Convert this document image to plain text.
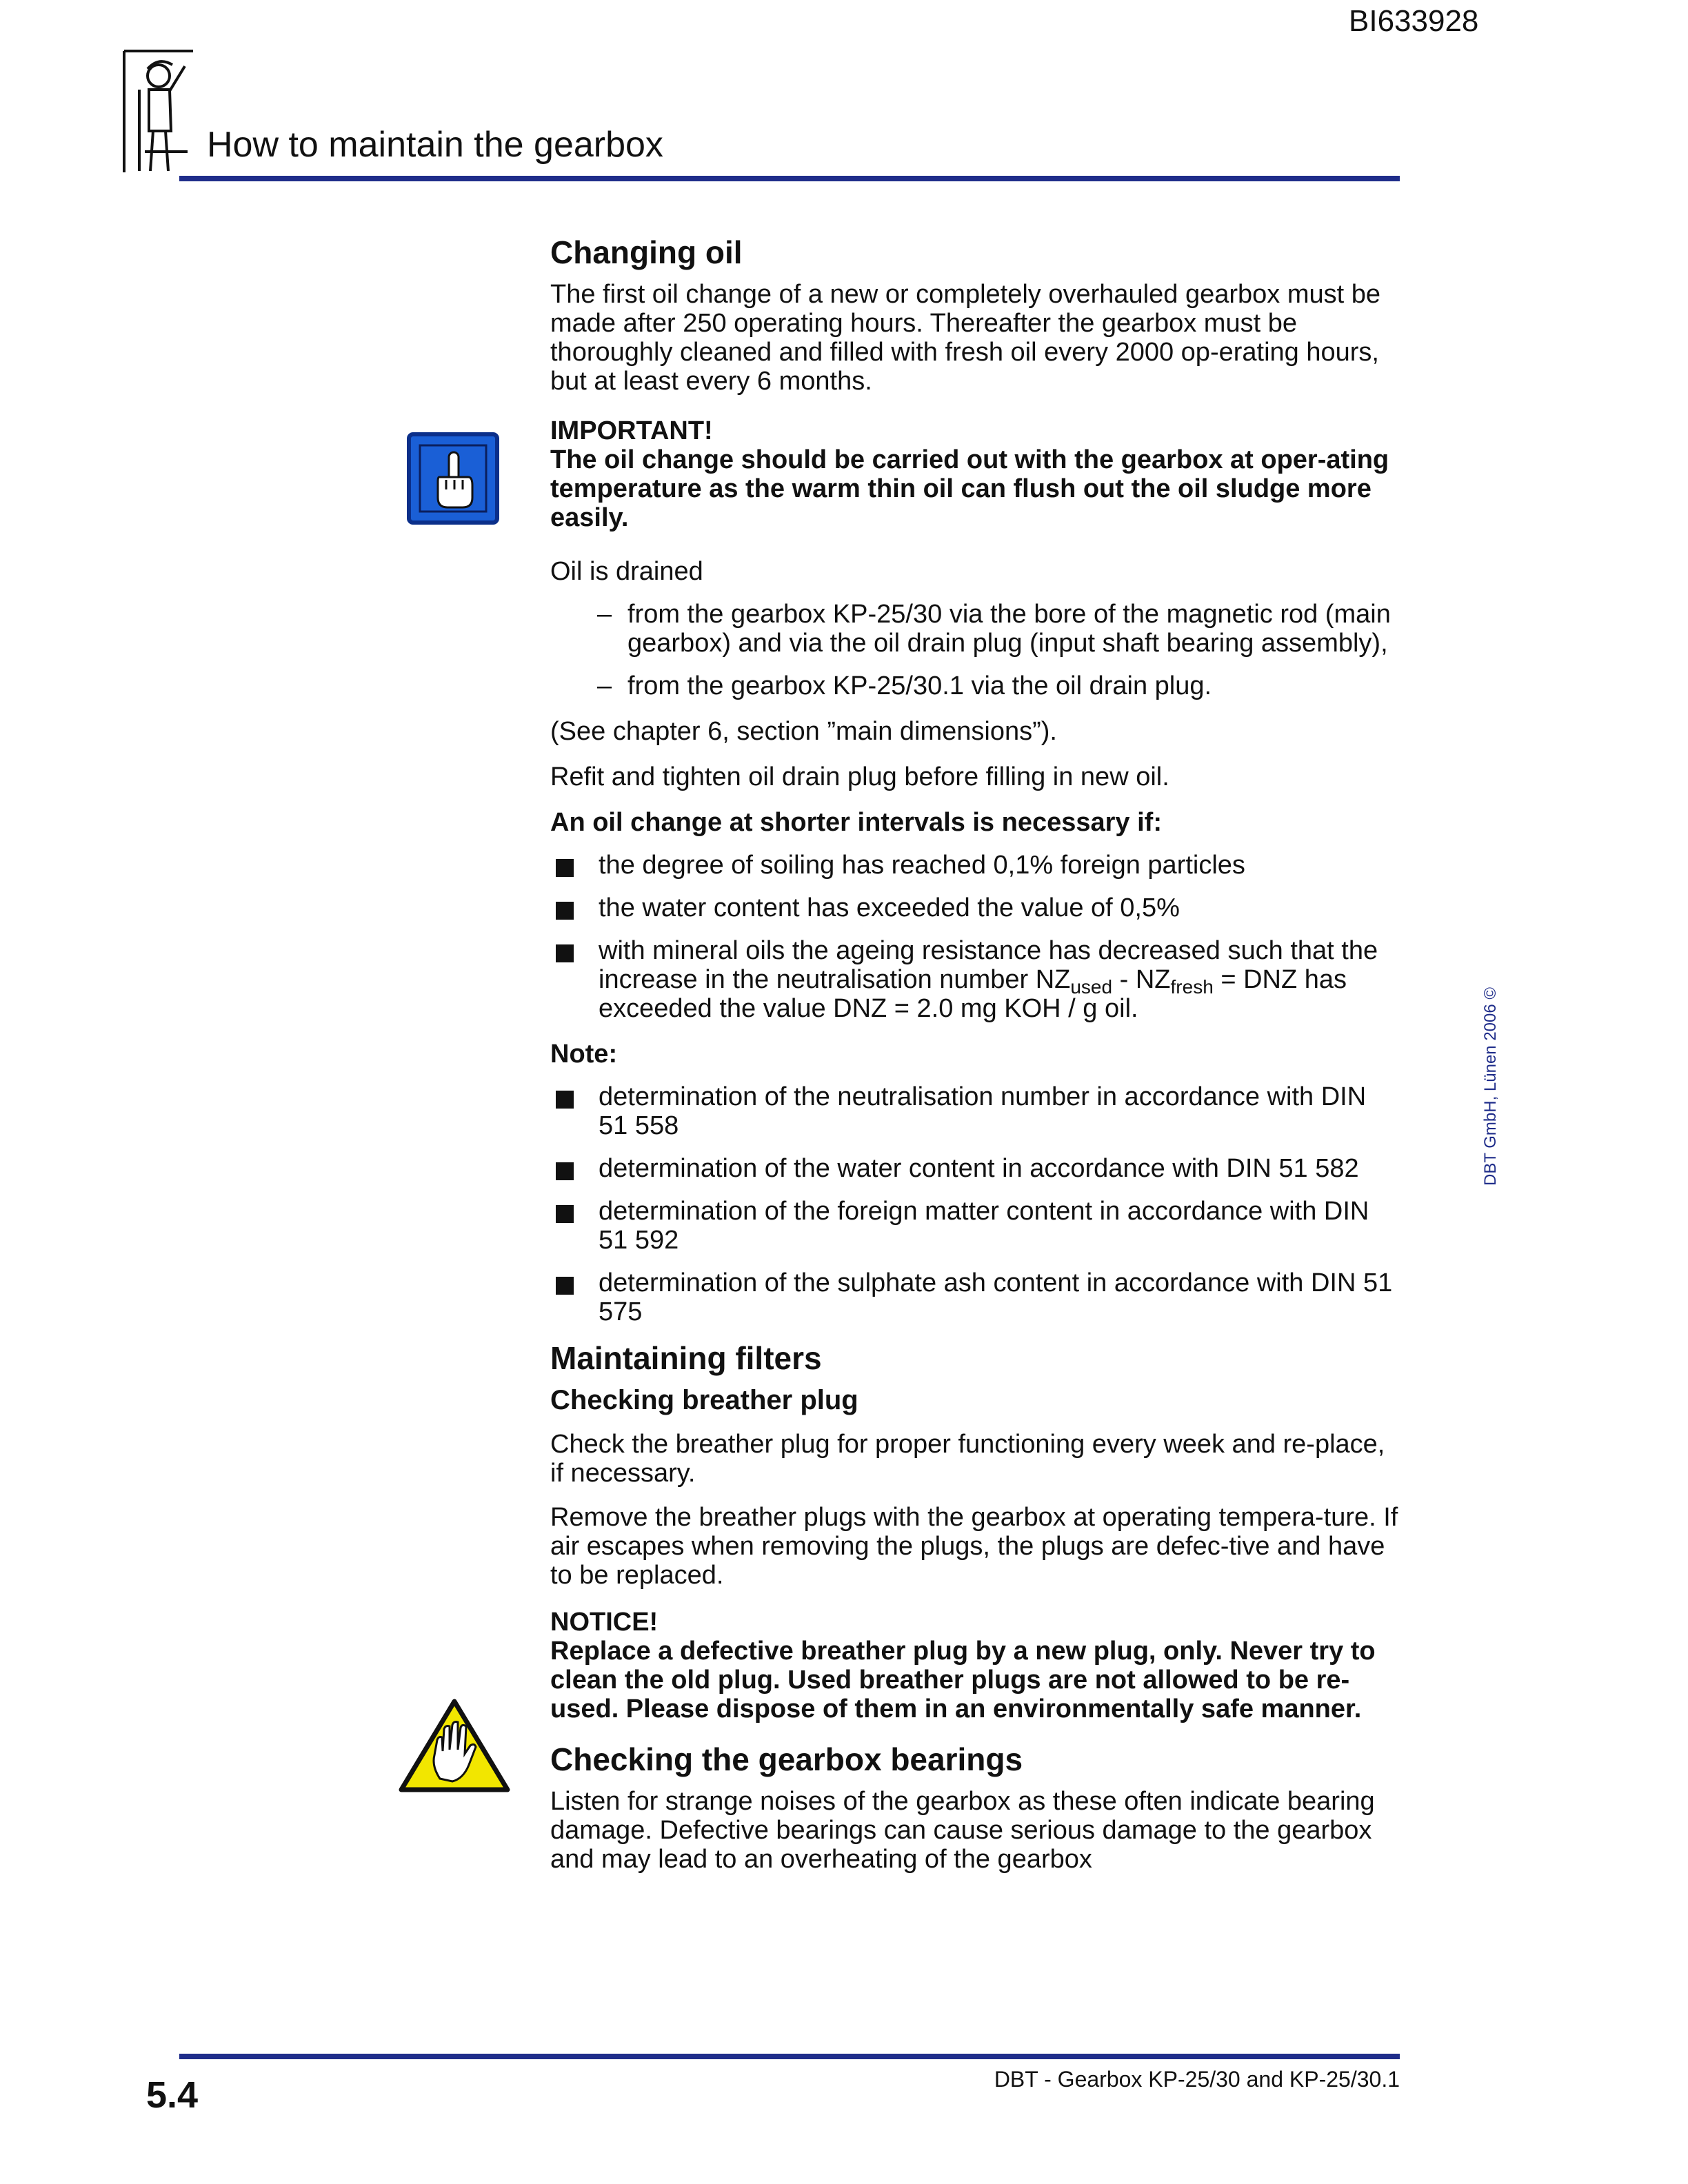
BI633928
How to maintain the gearbox
Changing oil

The first oil change of a new or completely overhauled gearbox must be made after 250 operating hours. Thereafter the gearbox must be thoroughly cleaned and filled with fresh oil every 2000 op-erating hours, but at least every 6 months.

IMPORTANT!

The oil change should be carried out with the gearbox at oper-ating temperature as the warm thin oil can flush out the oil sludge more easily.

Oil is drained

– from the gearbox KP-25/30 via the bore of the magnetic rod (main gearbox) and via the oil drain plug (input shaft bearing assembly),
– from the gearbox KP-25/30.1 via the oil drain plug.

(See chapter 6, section ”main dimensions”).

Refit and tighten oil drain plug before filling in new oil.

An oil change at shorter intervals is necessary if:

the degree of soiling has reached 0,1% foreign particles
the water content has exceeded the value of 0,5%
with mineral oils the ageing resistance has decreased such that the increase in the neutralisation number $NZ_{used} - NZ_{fresh}$ = DNZ has exceeded the value DNZ = 2.0 mg KOH / g oil.

Note:

determination of the neutralisation number in accordance with DIN 51 558
determination of the water content in accordance with DIN 51 582
determination of the foreign matter content in accordance with DIN 51 592
determination of the sulphate ash content in accordance with DIN 51 575
Maintaining filters
Checking breather plug

Check the breather plug for proper functioning every week and re-place, if necessary.

Remove the breather plugs with the gearbox at operating tempera-ture. If air escapes when removing the plugs, the plugs are defec-tive and have to be replaced.

NOTICE!

Replace a defective breather plug by a new plug, only. Never try to clean the old plug. Used breather plugs are not allowed to be re-used. Please dispose of them in an environmentally safe manner.

Checking the gearbox bearings

Listen for strange noises of the gearbox as these often indicate bearing damage. Defective bearings can cause serious damage to the gearbox and may lead to an overheating of the gearbox

DBT GmbH, Lünen 2006 ©
5.4	DBT - Gearbox KP-25/30 and KP-25/30.1
